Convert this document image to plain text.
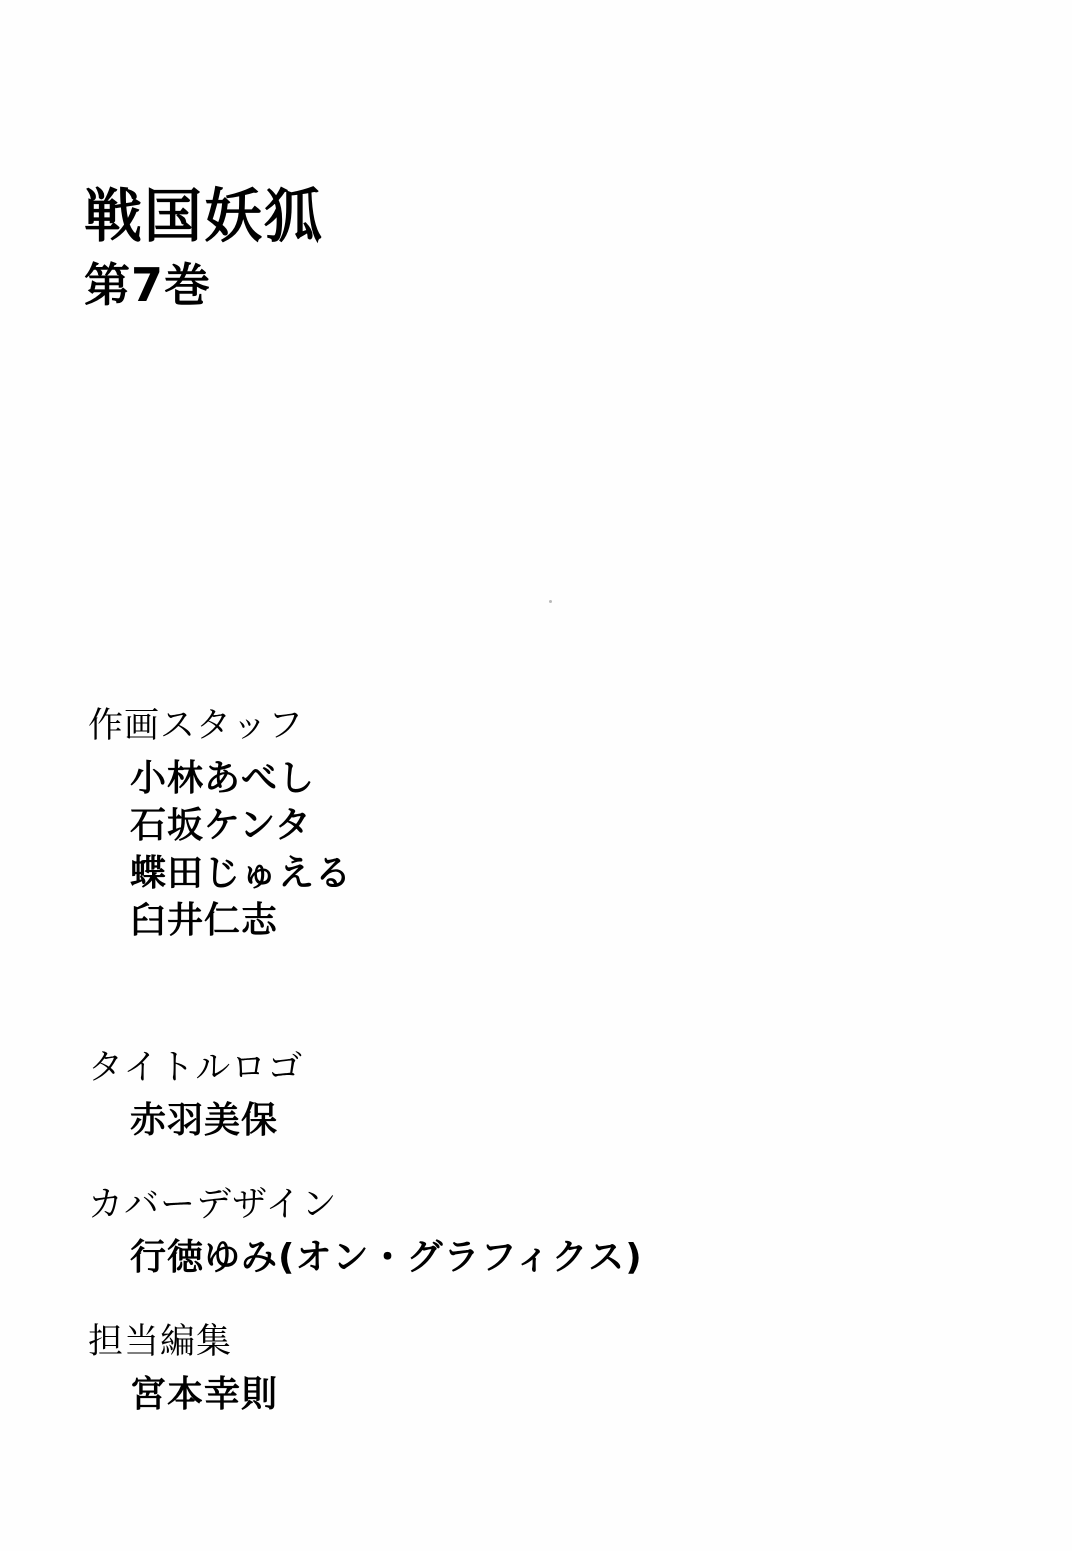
戦国妖狐
第7巻

作画スタッフ

小林あべし

石坂ケンタ

蝶田じゅえる

臼井仁志

タイトルロゴ

赤羽美保

カバーデザイン

行徳ゆみ(オン・グラフィクス)

担当編集

宮本幸則
